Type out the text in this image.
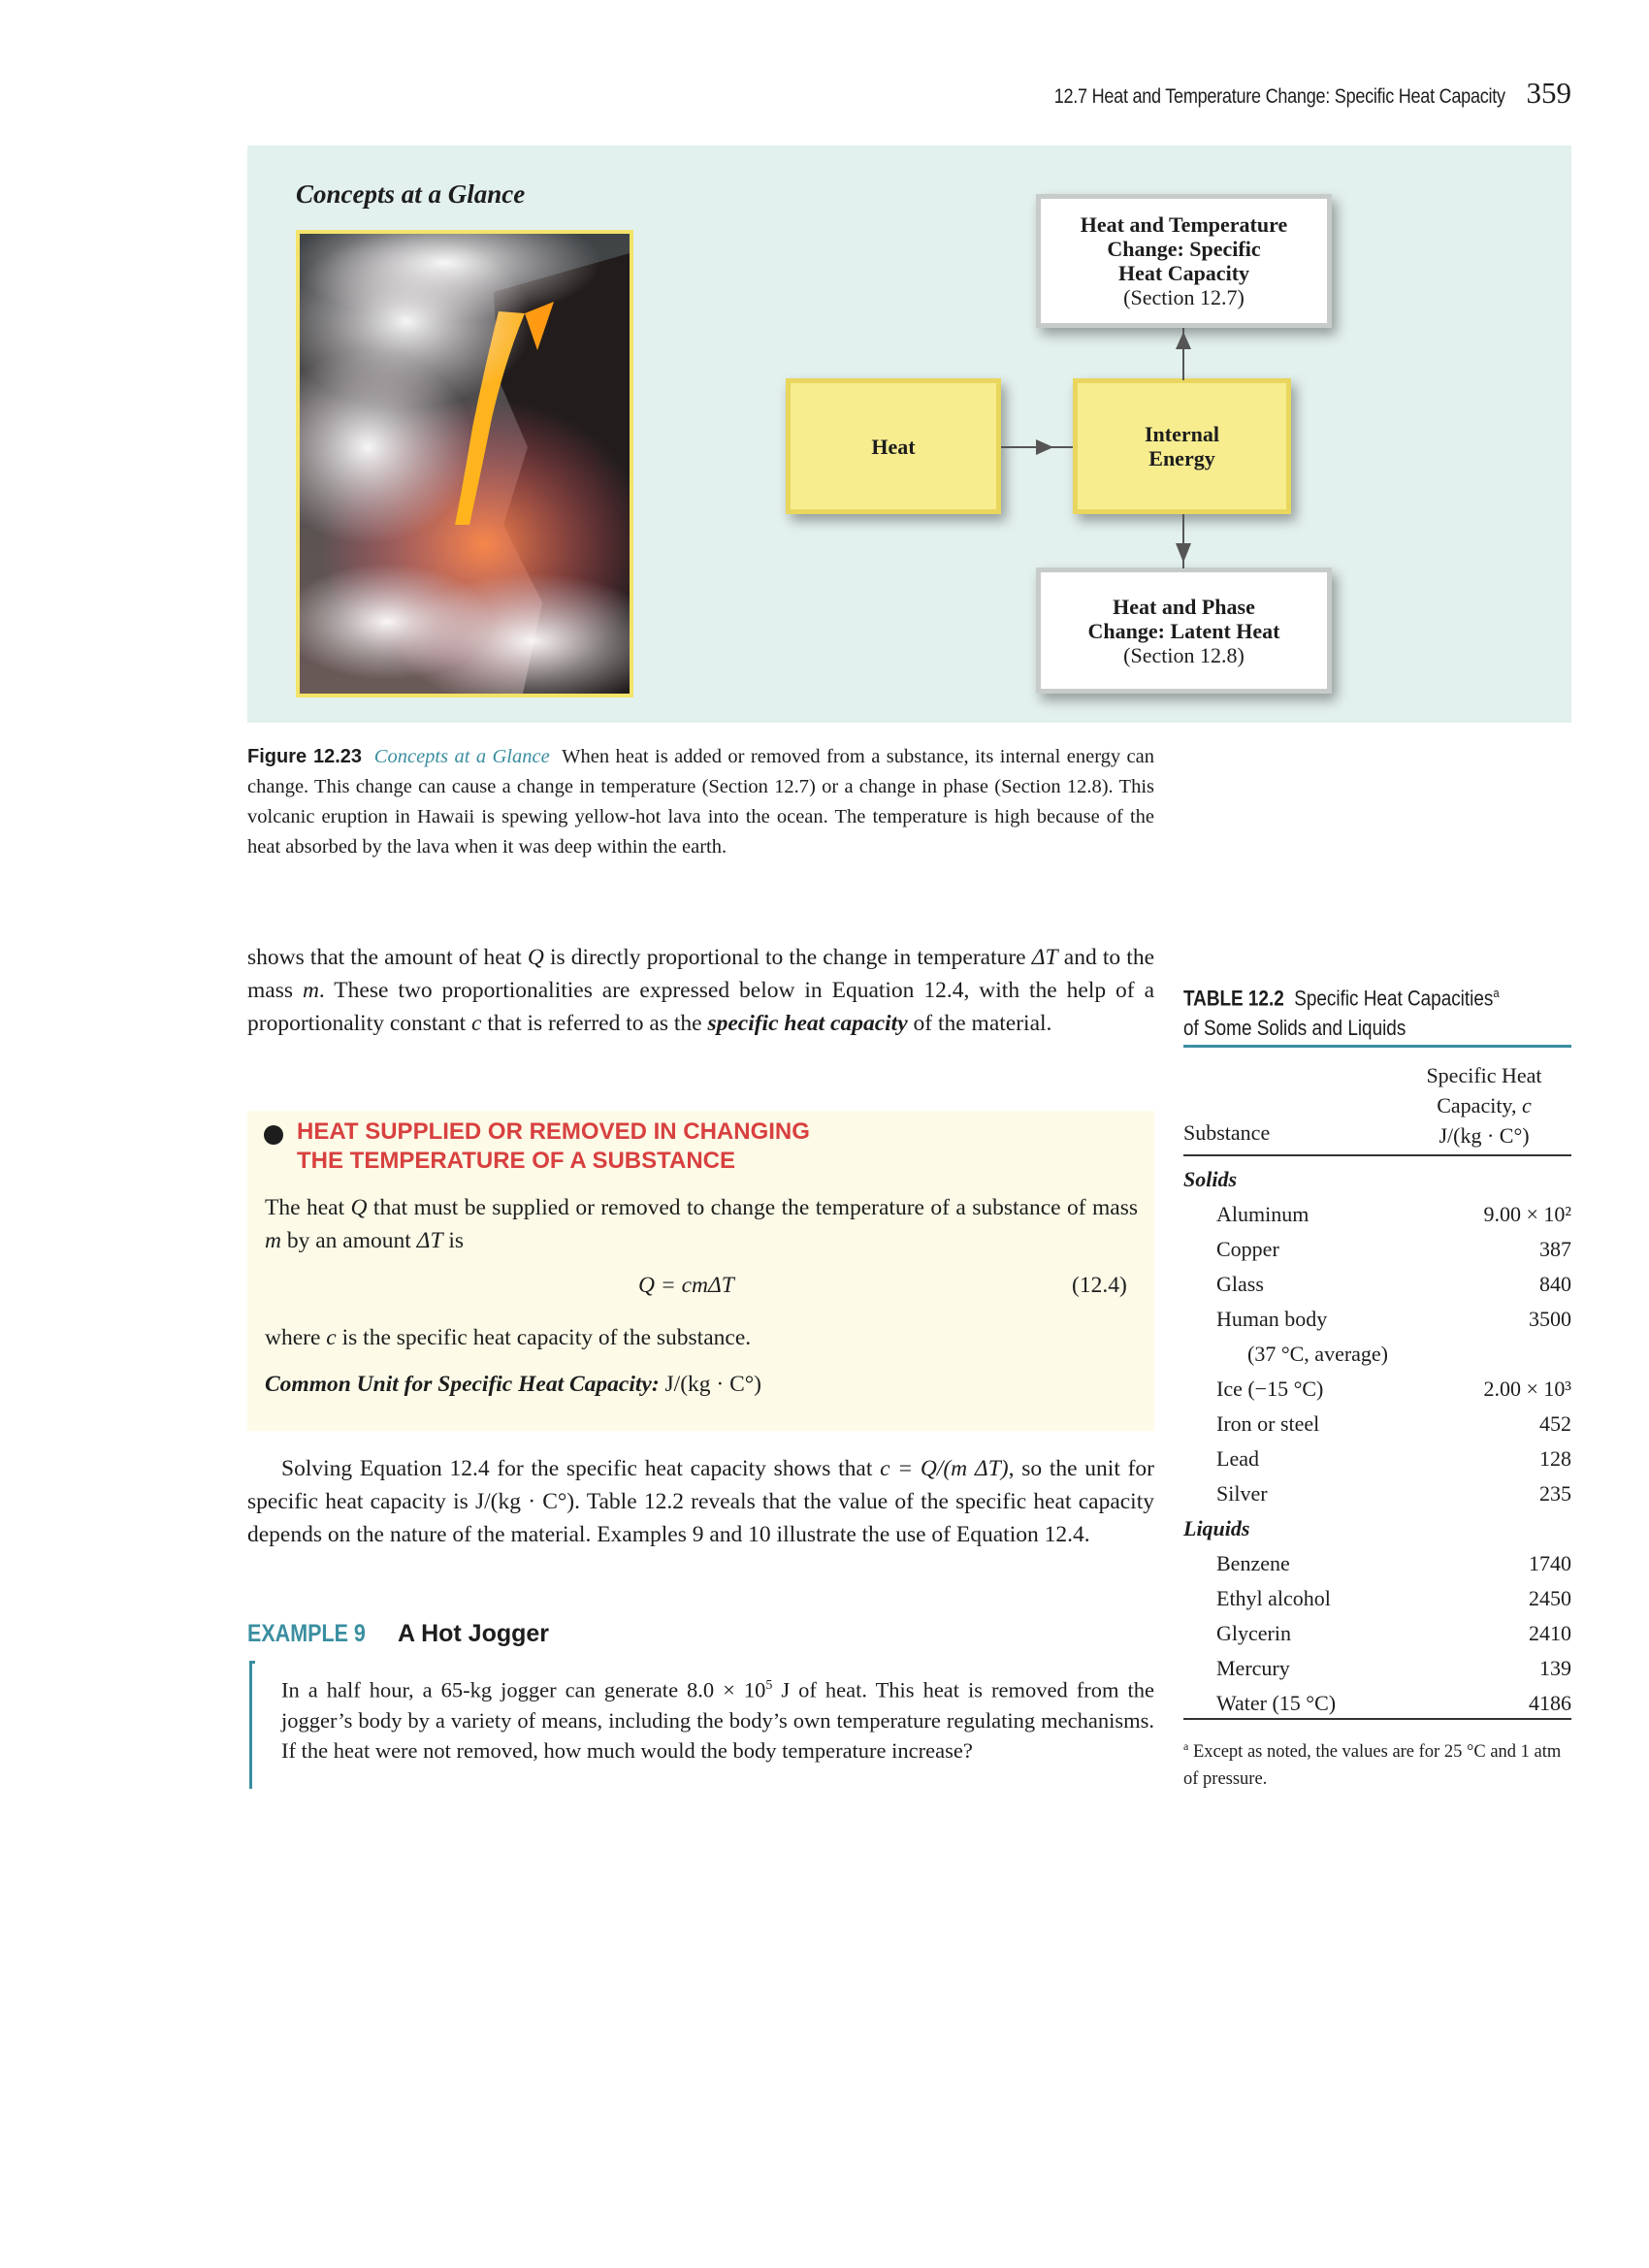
12.7 Heat and Temperature Change: Specific Heat Capacity 359
Concepts at a Glance
Heat and Temperature
Change: Specific
Heat Capacity
(Section 12.7)
Heat	Internal
Energy
Heat and Phase
Change: Latent Heat
(Section 12.8)
Figure 12.23 Concepts at a Glance When heat is added or removed from a substance, its internal energy can change. This change can cause a change in temperature (Section 12.7) or a change in phase (Section 12.8). This volcanic eruption in Hawaii is spewing yellow-hot lava into the ocean. The temperature is high because of the heat absorbed by the lava when it was deep within the earth.
shows that the amount of heat Q is directly proportional to the change in temperature ΔT and to the mass m. These two proportionalities are expressed below in Equation 12.4, with the help of a proportionality constant c that is referred to as the specific heat capacity of the material.
HEAT SUPPLIED OR REMOVED IN CHANGING
THE TEMPERATURE OF A SUBSTANCE
The heat Q that must be supplied or removed to change the temperature of a substance of mass m by an amount ΔT is
Q = cmΔT	(12.4)
where c is the specific heat capacity of the substance.
Common Unit for Specific Heat Capacity: J/(kg · C°)
Solving Equation 12.4 for the specific heat capacity shows that c = Q/(m ΔT), so the unit for specific heat capacity is J/(kg · C°). Table 12.2 reveals that the value of the specific heat capacity depends on the nature of the material. Examples 9 and 10 illustrate the use of Equation 12.4.
EXAMPLE 9 A Hot Jogger
In a half hour, a 65-kg jogger can generate $8.0 \times 10^5$ J of heat. This heat is removed from the jogger’s body by a variety of means, including the body’s own temperature regulating mechanisms. If the heat were not removed, how much would the body temperature increase?
TABLE 12.2 Specific Heat Capacities$^a$
of Some Solids and Liquids
Substance
Specific Heat
Capacity, c
J/(kg · C°)
Solids
Aluminum	9.00 × 10²
Copper	387
Glass	840
Human body	3500
(37 °C, average)
Ice (−15 °C)	2.00 × 10³
Iron or steel	452
Lead	128
Silver	235
Liquids
Benzene	1740
Ethyl alcohol	2450
Glycerin	2410
Mercury	139
Water (15 °C)	4186
$^a$ Except as noted, the values are for 25 °C and 1 atm of pressure.
